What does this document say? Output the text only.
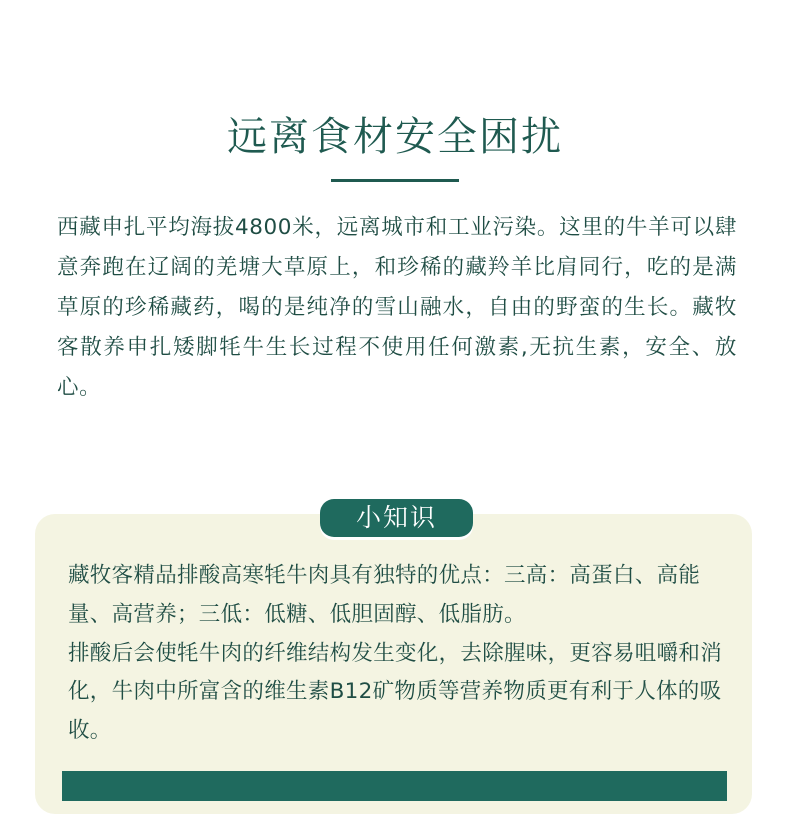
远离食材安全困扰
西藏申扎平均海拔4800米，远离城市和工业污染。这里的牛羊可以肆意奔跑在辽阔的羌塘大草原上，和珍稀的藏羚羊比肩同行，吃的是满草原的珍稀藏药，喝的是纯净的雪山融水，自由的野蛮的生长。藏牧客散养申扎矮脚牦牛生长过程不使用任何激素,无抗生素，安全、放心。
小知识
藏牧客精品排酸高寒牦牛肉具有独特的优点：三高：高蛋白、高能量、高营养；三低：低糖、低胆固醇、低脂肪。
排酸后会使牦牛肉的纤维结构发生变化，去除腥味，更容易咀嚼和消化，牛肉中所富含的维生素B12矿物质等营养物质更有利于人体的吸收。
